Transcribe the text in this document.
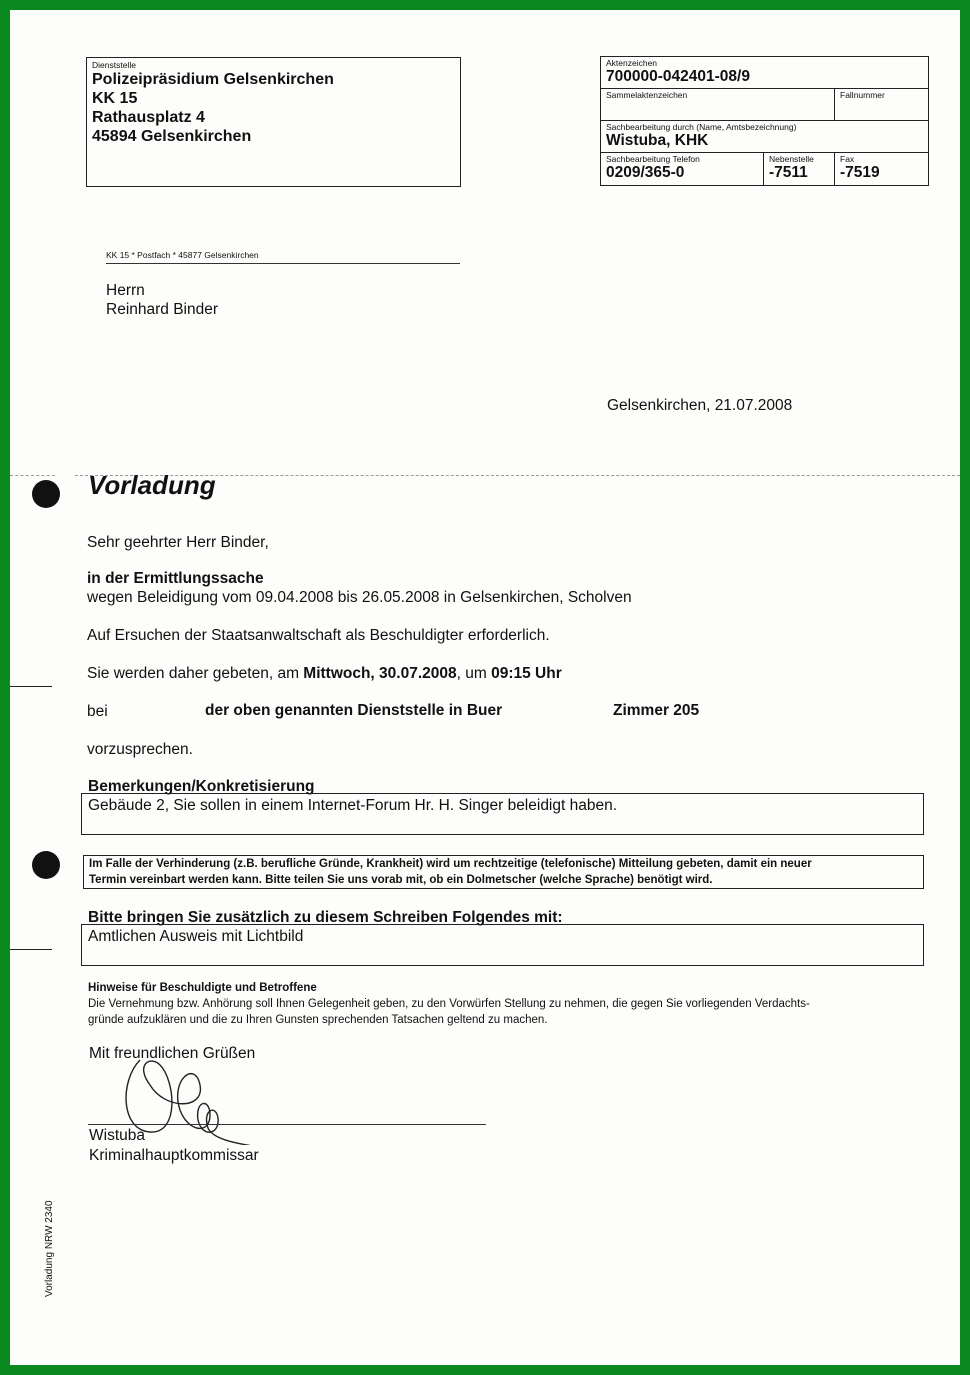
Dienststelle
Polizeipräsidium Gelsenkirchen
KK 15
Rathausplatz 4
45894 Gelsenkirchen
Aktenzeichen
700000-042401-08/9
Sammelaktenzeichen	Fallnummer
Sachbearbeitung durch (Name, Amtsbezeichnung)
Wistuba, KHK
Sachbearbeitung Telefon
0209/365-0
Nebenstelle
-7511
Fax
-7519
KK 15 * Postfach * 45877 Gelsenkirchen
Herrn
Reinhard Binder
Gelsenkirchen, 21.07.2008
Vorladung
Sehr geehrter Herr Binder,
in der Ermittlungssache
wegen Beleidigung vom 09.04.2008 bis 26.05.2008 in Gelsenkirchen, Scholven
Auf Ersuchen der Staatsanwaltschaft als Beschuldigter erforderlich.
Sie werden daher gebeten, am Mittwoch, 30.07.2008, um 09:15 Uhr
bei	der oben genannten Dienststelle in Buer	Zimmer 205
vorzusprechen.
Bemerkungen/Konkretisierung
Gebäude 2, Sie sollen in einem Internet-Forum Hr. H. Singer beleidigt haben.
Im Falle der Verhinderung (z.B. berufliche Gründe, Krankheit) wird um rechtzeitige (telefonische) Mitteilung gebeten, damit ein neuer
Termin vereinbart werden kann. Bitte teilen Sie uns vorab mit, ob ein Dolmetscher (welche Sprache) benötigt wird.
Bitte bringen Sie zusätzlich zu diesem Schreiben Folgendes mit:
Amtlichen Ausweis mit Lichtbild
Hinweise für Beschuldigte und Betroffene
Die Vernehmung bzw. Anhörung soll Ihnen Gelegenheit geben, zu den Vorwürfen Stellung zu nehmen, die gegen Sie vorliegenden Verdachts-
gründe aufzuklären und die zu Ihren Gunsten sprechenden Tatsachen geltend zu machen.
Mit freundlichen Grüßen
Wistuba
Kriminalhauptkommissar
Vorladung NRW 2340
